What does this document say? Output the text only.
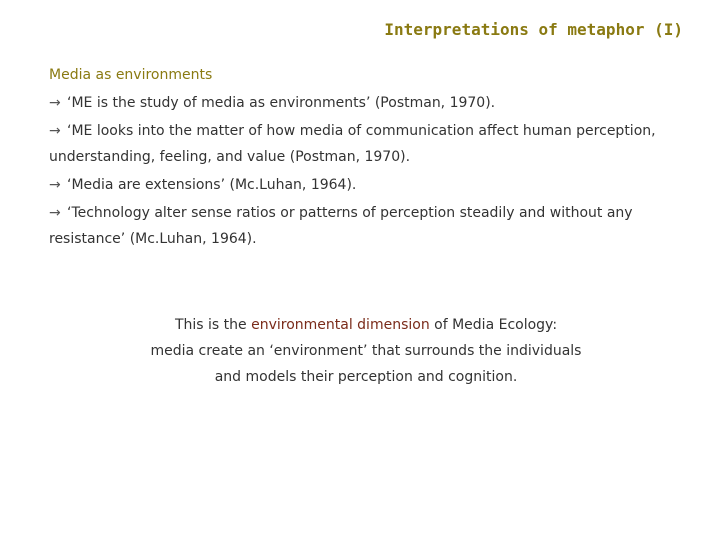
Interpretations of metaphor (I)

Media as environments

→ ‘ME is the study of media as environments’ (Postman, 1970).

→ ‘ME looks into the matter of how media of communication affect human perception, understanding, feeling, and value (Postman, 1970).

→ ‘Media are extensions’ (Mc.Luhan, 1964).

→ ‘Technology alter sense ratios or patterns of perception steadily and without any resistance’ (Mc.Luhan, 1964).

This is the environmental dimension of Media Ecology:

media create an ‘environment’ that surrounds the individuals

and models their perception and cognition.
